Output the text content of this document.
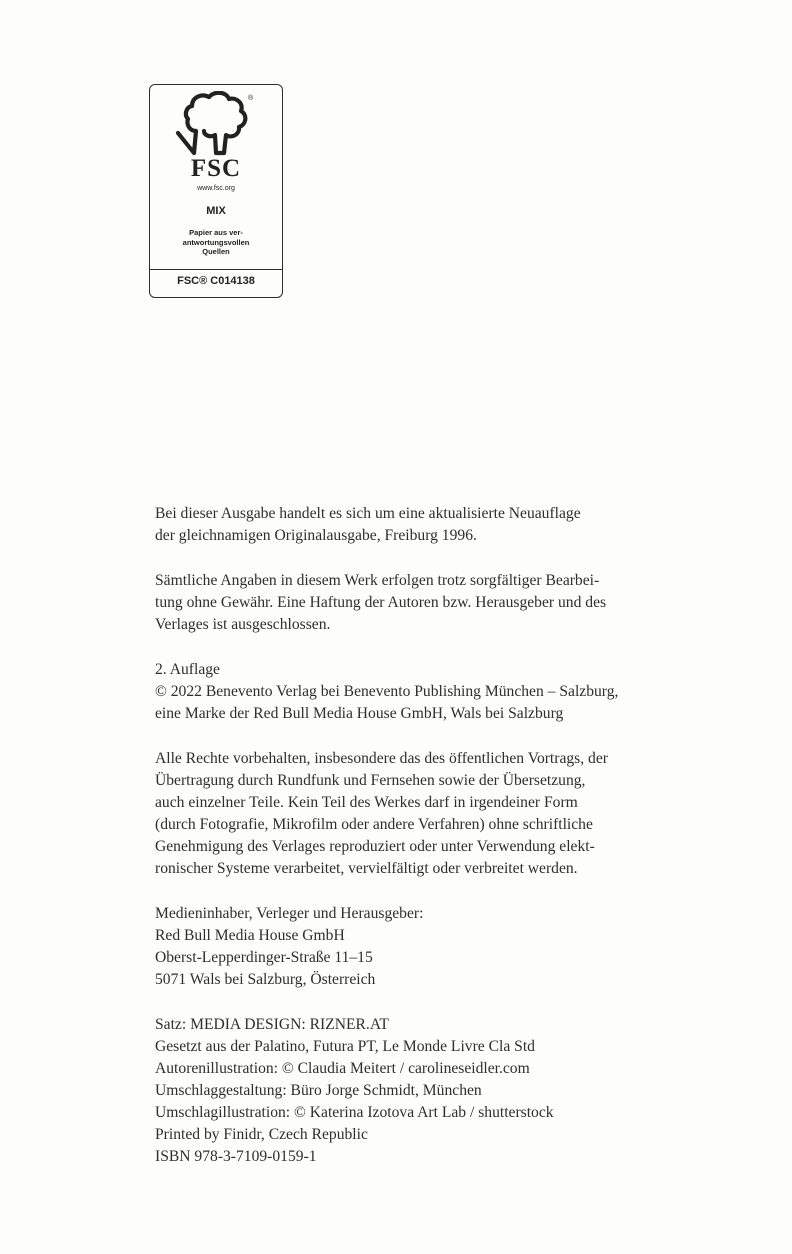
®
FSC
www.fsc.org
MIX
Papier aus ver-
antwortungsvollen
Quellen
FSC® C014138

Bei dieser Ausgabe handelt es sich um eine aktualisierte Neuauflage
der gleichnamigen Originalausgabe, Freiburg 1996.

Sämtliche Angaben in diesem Werk erfolgen trotz sorgfältiger Bearbei-
tung ohne Gewähr. Eine Haftung der Autoren bzw. Herausgeber und des
Verlages ist ausgeschlossen.

2. Auflage
© 2022 Benevento Verlag bei Benevento Publishing München – Salzburg,
eine Marke der Red Bull Media House GmbH, Wals bei Salzburg

Alle Rechte vorbehalten, insbesondere das des öffentlichen Vortrags, der
Übertragung durch Rundfunk und Fernsehen sowie der Übersetzung,
auch einzelner Teile. Kein Teil des Werkes darf in irgendeiner Form
(durch Fotografie, Mikrofilm oder andere Verfahren) ohne schriftliche
Genehmigung des Verlages reproduziert oder unter Verwendung elekt-
ronischer Systeme verarbeitet, vervielfältigt oder verbreitet werden.

Medieninhaber, Verleger und Herausgeber:
Red Bull Media House GmbH
Oberst-Lepperdinger-Straße 11–15
5071 Wals bei Salzburg, Österreich

Satz: MEDIA DESIGN: RIZNER.AT
Gesetzt aus der Palatino, Futura PT, Le Monde Livre Cla Std
Autorenillustration: © Claudia Meitert / carolineseidler.com
Umschlaggestaltung: Büro Jorge Schmidt, München
Umschlagillustration: © Katerina Izotova Art Lab / shutterstock
Printed by Finidr, Czech Republic
ISBN 978-3-7109-0159-1
